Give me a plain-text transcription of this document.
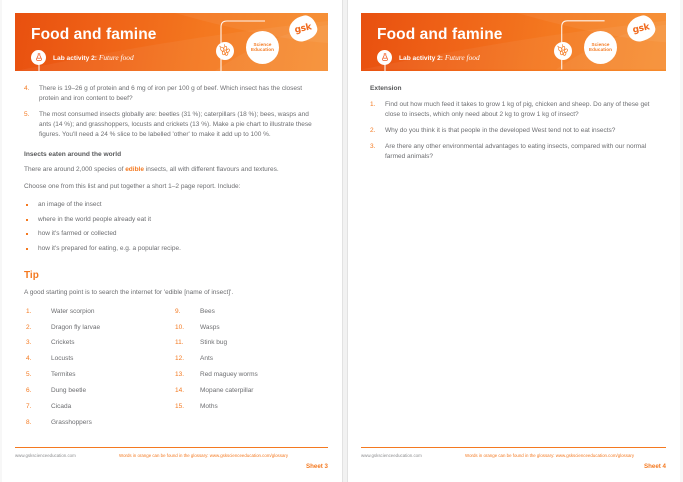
Food and famine
Lab activity 2: Future food
Science
Education
gsk
4. There is 19–26 g of protein and 6 mg of iron per 100 g of beef. Which insect has the closest protein and iron content to beef?

5. The most consumed insects globally are: beetles (31 %); caterpillars (18 %); bees, wasps and ants (14 %); and grasshoppers, locusts and crickets (13 %). Make a pie chart to illustrate these figures. You'll need a 24 % slice to be labelled 'other' to make it add up to 100 %.

Insects eaten around the world

There are around 2,000 species of edible insects, all with different flavours and textures.

Choose one from this list and put together a short 1–2 page report. Include:

an image of the insect
where in the world people already eat it
how it's farmed or collected
how it's prepared for eating, e.g. a popular recipe.
Tip

A good starting point is to search the internet for 'edible [name of insect]'.

1.	Water scorpion
2.	Dragon fly larvae
3.	Crickets
4.	Locusts
5.	Termites
6.	Dung beetle
7.	Cicada
8.	Grasshoppers
9.	Bees
10. Wasps
11.	Stink bug
12. Ants
13. Red maguey worms
14. Mopane caterpillar
15. Moths
www.gskscienceeducation.com	Words in orange can be found in the glossary: www.gskscienceeducation.com/glossary
Sheet 3
Food and famine
Lab activity 2: Future food
Science
Education
gsk
Extension
1. Find out how much feed it takes to grow 1 kg of pig, chicken and sheep. Do any of these get close to insects, which only need about 2 kg to grow 1 kg of insect?

2. Why do you think it is that people in the developed West tend not to eat insects?

3. Are there any other environmental advantages to eating insects, compared with our normal farmed animals?

www.gskscienceeducation.com	Words in orange can be found in the glossary: www.gskscienceeducation.com/glossary
Sheet 4
